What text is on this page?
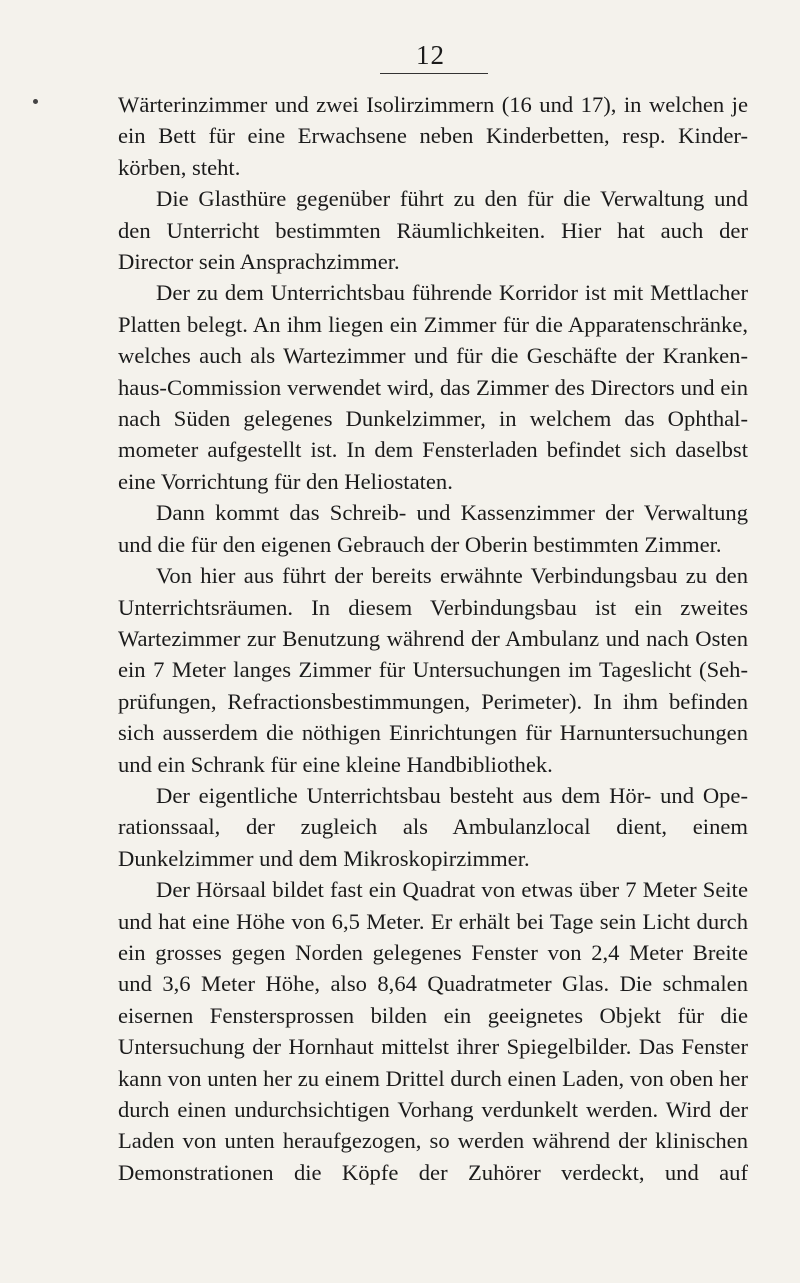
12

Wärterinzimmer und zwei Isolirzimmern (16 und 17), in welchen je ein Bett für eine Erwachsene neben Kinderbetten, resp. Kinder-körben, steht.

Die Glasthüre gegenüber führt zu den für die Verwaltung und den Unterricht bestimmten Räumlichkeiten. Hier hat auch der Director sein Ansprachzimmer.

Der zu dem Unterrichtsbau führende Korridor ist mit Mettlacher Platten belegt. An ihm liegen ein Zimmer für die Apparatenschränke, welches auch als Wartezimmer und für die Geschäfte der Kranken-haus-Commission verwendet wird, das Zimmer des Directors und ein nach Süden gelegenes Dunkelzimmer, in welchem das Ophthal-mometer aufgestellt ist. In dem Fensterladen befindet sich daselbst eine Vorrichtung für den Heliostaten.

Dann kommt das Schreib- und Kassenzimmer der Verwaltung und die für den eigenen Gebrauch der Oberin bestimmten Zimmer.

Von hier aus führt der bereits erwähnte Verbindungsbau zu den Unterrichtsräumen. In diesem Verbindungsbau ist ein zweites Wartezimmer zur Benutzung während der Ambulanz und nach Osten ein 7 Meter langes Zimmer für Untersuchungen im Tageslicht (Seh-prüfungen, Refractionsbestimmungen, Perimeter). In ihm befinden sich ausserdem die nöthigen Einrichtungen für Harnuntersuchungen und ein Schrank für eine kleine Handbibliothek.

Der eigentliche Unterrichtsbau besteht aus dem Hör- und Ope-rationssaal, der zugleich als Ambulanzlocal dient, einem Dunkelzimmer und dem Mikroskopirzimmer.

Der Hörsaal bildet fast ein Quadrat von etwas über 7 Meter Seite und hat eine Höhe von 6,5 Meter. Er erhält bei Tage sein Licht durch ein grosses gegen Norden gelegenes Fenster von 2,4 Meter Breite und 3,6 Meter Höhe, also 8,64 Quadratmeter Glas. Die schmalen eisernen Fenstersprossen bilden ein geeignetes Objekt für die Untersuchung der Hornhaut mittelst ihrer Spiegelbilder. Das Fenster kann von unten her zu einem Drittel durch einen Laden, von oben her durch einen undurchsichtigen Vorhang verdunkelt werden. Wird der Laden von unten heraufgezogen, so werden während der klinischen Demonstrationen die Köpfe der Zuhörer verdeckt, und auf
